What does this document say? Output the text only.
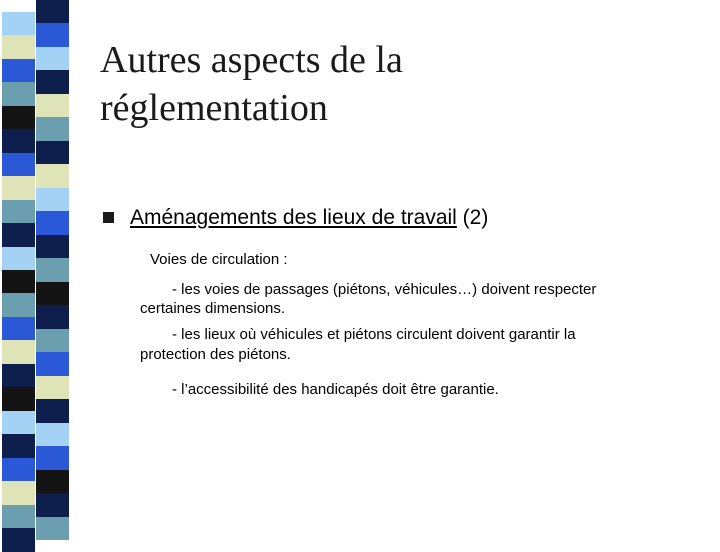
Autres aspects de la
réglementation
Aménagements des lieux de travail (2)
Voies de circulation :
- les voies de passages (piétons, véhicules…) doivent respecter
certaines dimensions.
- les lieux où véhicules et piétons circulent doivent garantir la
protection des piétons.
- l’accessibilité des handicapés doit être garantie.
